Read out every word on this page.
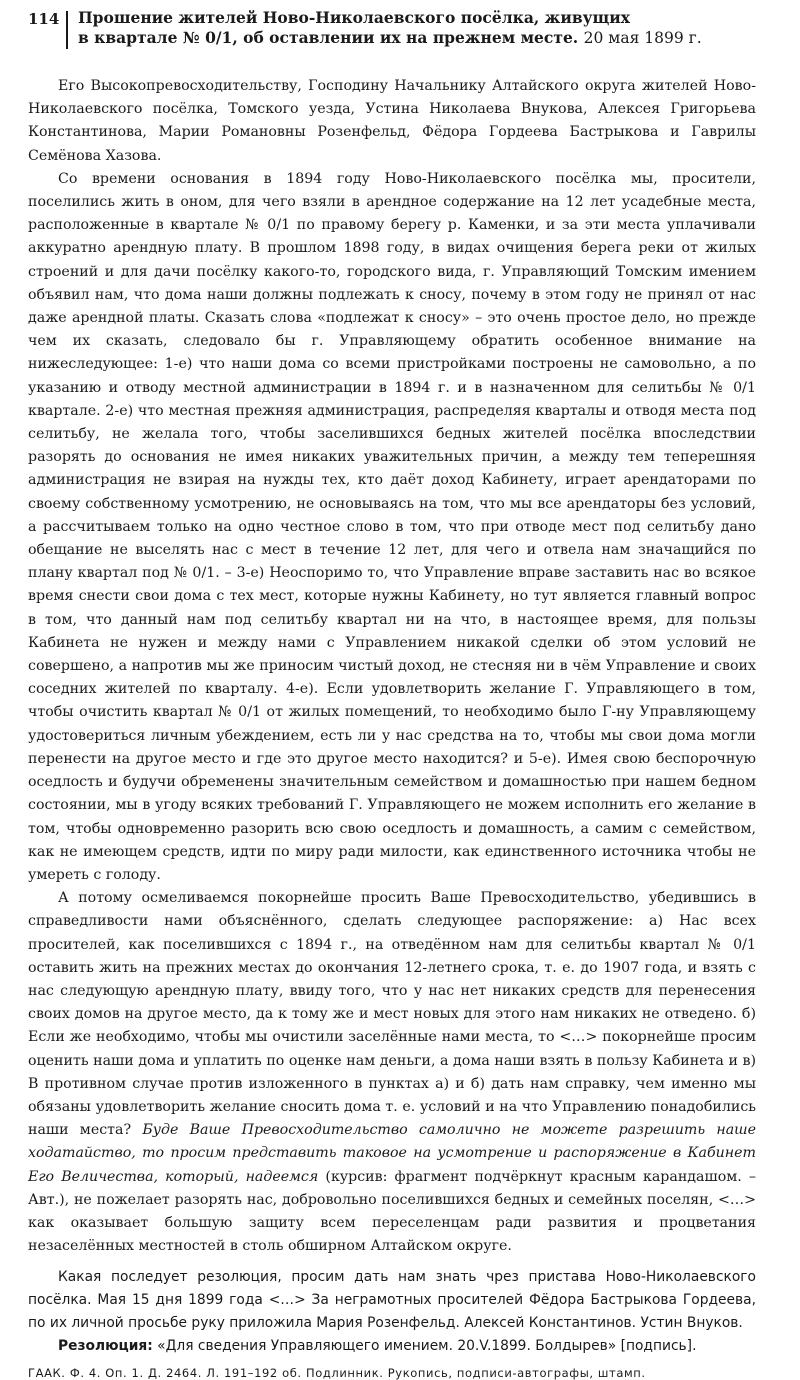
114	Прошение жителей Ново-Николаевского посёлка, живущих
в квартале № 0/1, об оставлении их на прежнем месте. 20 мая 1899 г.

Его Высокопревосходительству, Господину Начальнику Алтайского округа жителей Ново-Николаевского посёлка, Томского уезда, Устина Николаева Внукова, Алексея Григорьева Константинова, Марии Романовны Розенфельд, Фёдора Гордеева Бастрыкова и Гаврилы Семёнова Хазова.

Со времени основания в 1894 году Ново-Николаевского посёлка мы, просители, поселились жить в оном, для чего взяли в арендное содержание на 12 лет усадебные места, расположенные в квартале № 0/1 по правому берегу р. Каменки, и за эти места уплачивали аккуратно арендную плату. В прошлом 1898 году, в видах очищения берега реки от жилых строений и для дачи посёлку какого-то, городского вида, г. Управляющий Томским имением объявил нам, что дома наши должны подлежать к сносу, почему в этом году не принял от нас даже арендной платы. Сказать слова «подлежат к сносу» – это очень простое дело, но прежде чем их сказать, следовало бы г. Управляющему обратить особенное внимание на нижеследующее: 1-е) что наши дома со всеми пристройками построены не самовольно, а по указанию и отводу местной администрации в 1894 г. и в назначенном для селитьбы № 0/1 квартале. 2-е) что местная прежняя администрация, распределяя кварталы и отводя места под селитьбу, не желала того, чтобы заселившихся бедных жителей посёлка впоследствии разорять до основания не имея никаких уважительных причин, а между тем теперешняя администрация не взирая на нужды тех, кто даёт доход Кабинету, играет арендаторами по своему собственному усмотрению, не основываясь на том, что мы все арендаторы без условий, а рассчитываем только на одно честное слово в том, что при отводе мест под селитьбу дано обещание не выселять нас с мест в течение 12 лет, для чего и отвела нам значащийся по плану квартал под № 0/1. – 3-е) Неоспоримо то, что Управление вправе заставить нас во всякое время снести свои дома с тех мест, которые нужны Кабинету, но тут является главный вопрос в том, что данный нам под селитьбу квартал ни на что, в настоящее время, для пользы Кабинета не нужен и между нами с Управлением никакой сделки об этом условий не совершено, а напротив мы же приносим чистый доход, не стесняя ни в чём Управление и своих соседних жителей по кварталу. 4-е). Если удовлетворить желание Г. Управляющего в том, чтобы очистить квартал № 0/1 от жилых помещений, то необходимо было Г-ну Управляющему удостовериться личным убеждением, есть ли у нас средства на то, чтобы мы свои дома могли перенести на другое место и где это другое место находится? и 5-е). Имея свою беспорочную оседлость и будучи обременены значительным семейством и домашностью при нашем бедном состоянии, мы в угоду всяких требований Г. Управляющего не можем исполнить его желание в том, чтобы одновременно разорить всю свою оседлость и домашность, а самим с семейством, как не имеющем средств, идти по миру ради милости, как единственного источника чтобы не умереть с голоду.

А потому осмеливаемся покорнейше просить Ваше Превосходительство, убедившись в справедливости нами объяснённого, сделать следующее распоряжение: а) Нас всех просителей, как поселившихся с 1894 г., на отведённом нам для селитьбы квартал № 0/1 оставить жить на прежних местах до окончания 12-летнего срока, т. е. до 1907 года, и взять с нас следующую арендную плату, ввиду того, что у нас нет никаких средств для перенесения своих домов на другое место, да к тому же и мест новых для этого нам никаких не отведено. б) Если же необходимо, чтобы мы очистили заселённые нами места, то <…> покорнейше просим оценить наши дома и уплатить по оценке нам деньги, а дома наши взять в пользу Кабинета и в) В противном случае против изложенного в пунктах а) и б) дать нам справку, чем именно мы обязаны удовлетворить желание сносить дома т. е. условий и на что Управлению понадобились наши места? Буде Ваше Превосходительство самолично не можете разрешить наше ходатайство, то просим представить таковое на усмотрение и распоряжение в Кабинет Его Величества, который, надеемся (курсив: фрагмент подчёркнут красным карандашом. – Авт.), не пожелает разорять нас, добровольно поселившихся бедных и семейных поселян, <…> как оказывает большую защиту всем переселенцам ради развития и процветания незаселённых местностей в столь обширном Алтайском округе.

Какая последует резолюция, просим дать нам знать чрез пристава Ново-Николаевского посёлка. Мая 15 дня 1899 года <…> За неграмотных просителей Фёдора Бастрыкова Гордеева, по их личной просьбе руку приложила Мария Розенфельд. Алексей Константинов. Устин Внуков.

Резолюция: «Для сведения Управляющего имением. 20.V.1899. Болдырев» [подпись].

ГААК. Ф. 4. Оп. 1. Д. 2464. Л. 191–192 об. Подлинник. Рукопись, подписи-автографы, штамп.
